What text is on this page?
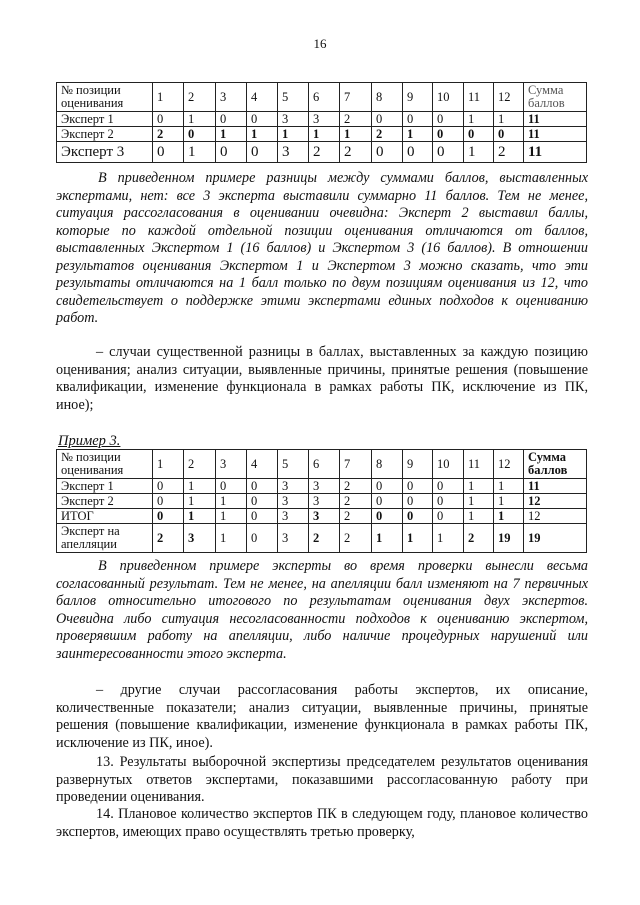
16
№ позиции оценивания	1	2	3	4	5	6	7	8	9	10	11	12	Сумма баллов
Эксперт 1	0	1	0	0	3	3	2	0	0	0	1	1	11
Эксперт 2	2	0	1	1	1	1	1	2	1	0	0	0	11
Эксперт 3	0	1	0	0	3	2	2	0	0	0	1	2	11

В приведенном примере разницы между суммами баллов, выставленных экспертами, нет: все 3 эксперта выставили суммарно 11 баллов. Тем не менее, ситуация рассогласования в оценивании очевидна: Эксперт 2 выставил баллы, которые по каждой отдельной позиции оценивания отличаются от баллов, выставленных Экспертом 1 (16 баллов) и Экспертом 3 (16 баллов). В отношении результатов оценивания Экспертом 1 и Экспертом 3 можно сказать, что эти результаты отличаются на 1 балл только по двум позициям оценивания из 12, что свидетельствует о поддержке этими экспертами единых подходов к оцениванию работ.

– случаи существенной разницы в баллах, выставленных за каждую позицию оценивания; анализ ситуации, выявленные причины, принятые решения (повышение квалификации, изменение функционала в рамках работы ПК, исключение из ПК, иное);

Пример 3.
№ позиции оценивания	1	2	3	4	5	6	7	8	9	10	11	12	Сумма баллов
Эксперт 1	0	1	0	0	3	3	2	0	0	0	1	1	11
Эксперт 2	0	1	1	0	3	3	2	0	0	0	1	1	12
ИТОГ	0	1	1	0	3	3	2	0	0	0	1	1	12
Эксперт на апелляции	2	3	1	0	3	2	2	1	1	1	2	19	19

В приведенном примере эксперты во время проверки вынесли весьма согласованный результат. Тем не менее, на апелляции балл изменяют на 7 первичных баллов относительно итогового по результатам оценивания двух экспертов. Очевидна либо ситуация несогласованности подходов к оцениванию экспертом, проверявшим работу на апелляции, либо наличие процедурных нарушений или заинтересованности этого эксперта.

– другие случаи рассогласования работы экспертов, их описание, количественные показатели; анализ ситуации, выявленные причины, принятые решения (повышение квалификации, изменение функционала в рамках работы ПК, исключение из ПК, иное).

13. Результаты выборочной экспертизы председателем результатов оценивания развернутых ответов экспертами, показавшими рассогласованную работу при проведении оценивания.

14. Плановое количество экспертов ПК в следующем году, плановое количество экспертов, имеющих право осуществлять третью проверку,
